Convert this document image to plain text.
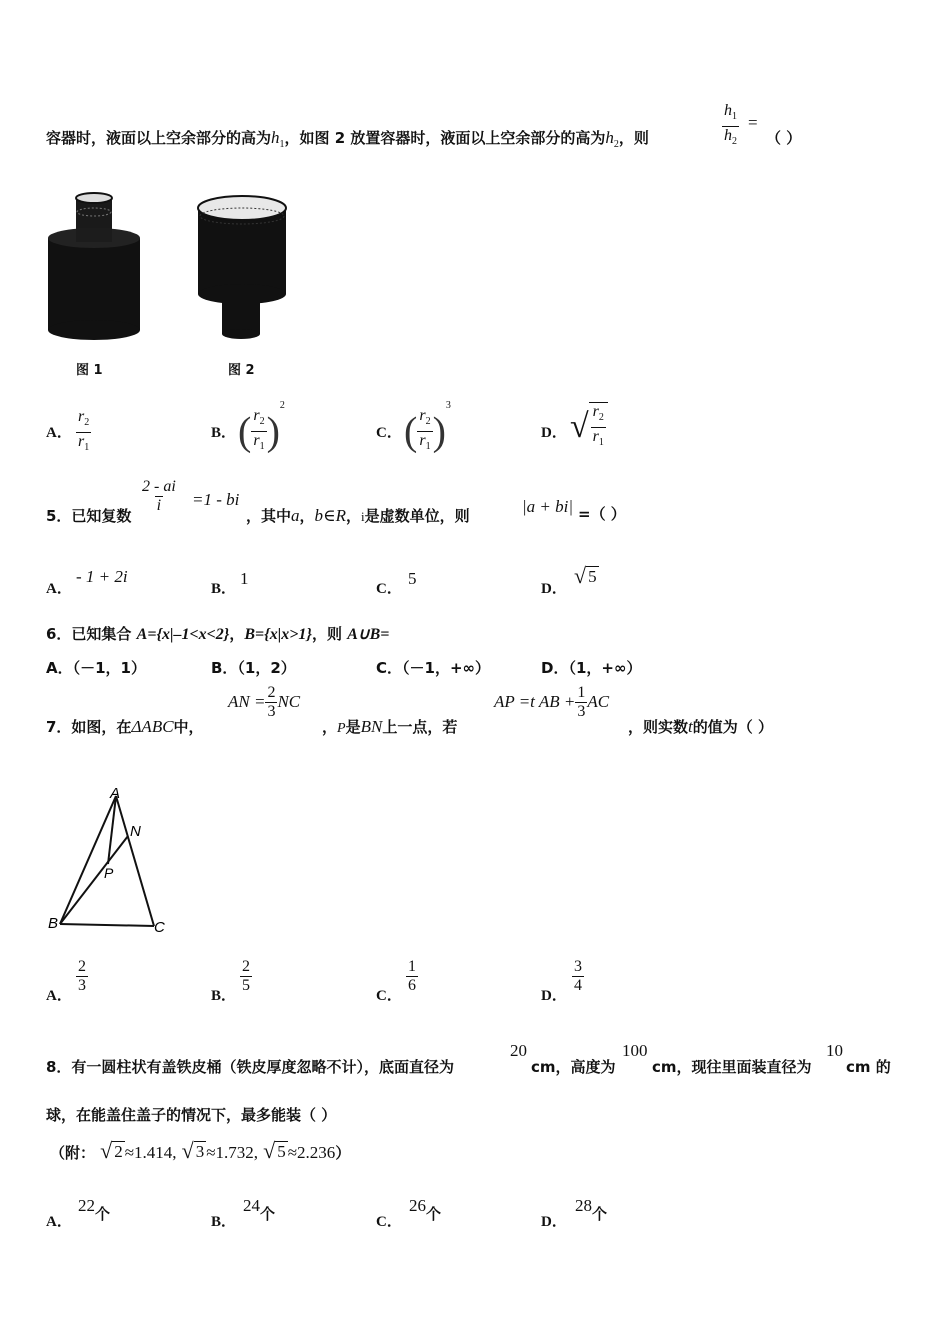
容器时，液面以上空余部分的高为$h_1$，如图 2 放置容器时，液面以上空余部分的高为$h_2$，则	$\frac{h_1}{h_2}$ =
（ ）
图 1	图 2
A． $\frac{r_2}{r_1}$	B． ( $\frac{r_2}{r_1} )^2$
C． ( $\frac{r_2}{r_1} )^3$
D． √ $\frac{r_2}{r_1}$
5．已知复数
$\frac{2 - ai}{i} =1$ - bi
，其中a，b∈R，i是虚数单位，则	|a + bi| =（ ）
A．
- 1 + 2i
B．
1
C．
5
D．
√ 5
6．已知集合 A={x|–1<x<2}，B={x|x>1}，则 A∪B=
A．（－1，1）	B．（1，2）	C．（－1，+∞）	D．（1，+∞）
7．如图，在ΔABC中，
AN = $\frac{2}{3}$ NC
，P是BN上一点，若
AP =t AB + $\frac{1}{3}$ AC
，则实数t的值为（ ）
A
N
P
B	C
A．
$\frac{2}{3}$
B．
$\frac{2}{5}$
C．
$\frac{1}{6}$
D．
$\frac{3}{4}$
8．有一圆柱状有盖铁皮桶（铁皮厚度忽略不计），底面直径为
20
cm，高度为
100
cm，现往里面装直径为
10
cm 的
球，在能盖住盖子的情况下，最多能装（ ）
（附： √ 2 ≈1.414, √ 3 ≈1.732, √ 5 ≈2.236）
A．
22个	B．
24个	C．
26个	D．
28个
